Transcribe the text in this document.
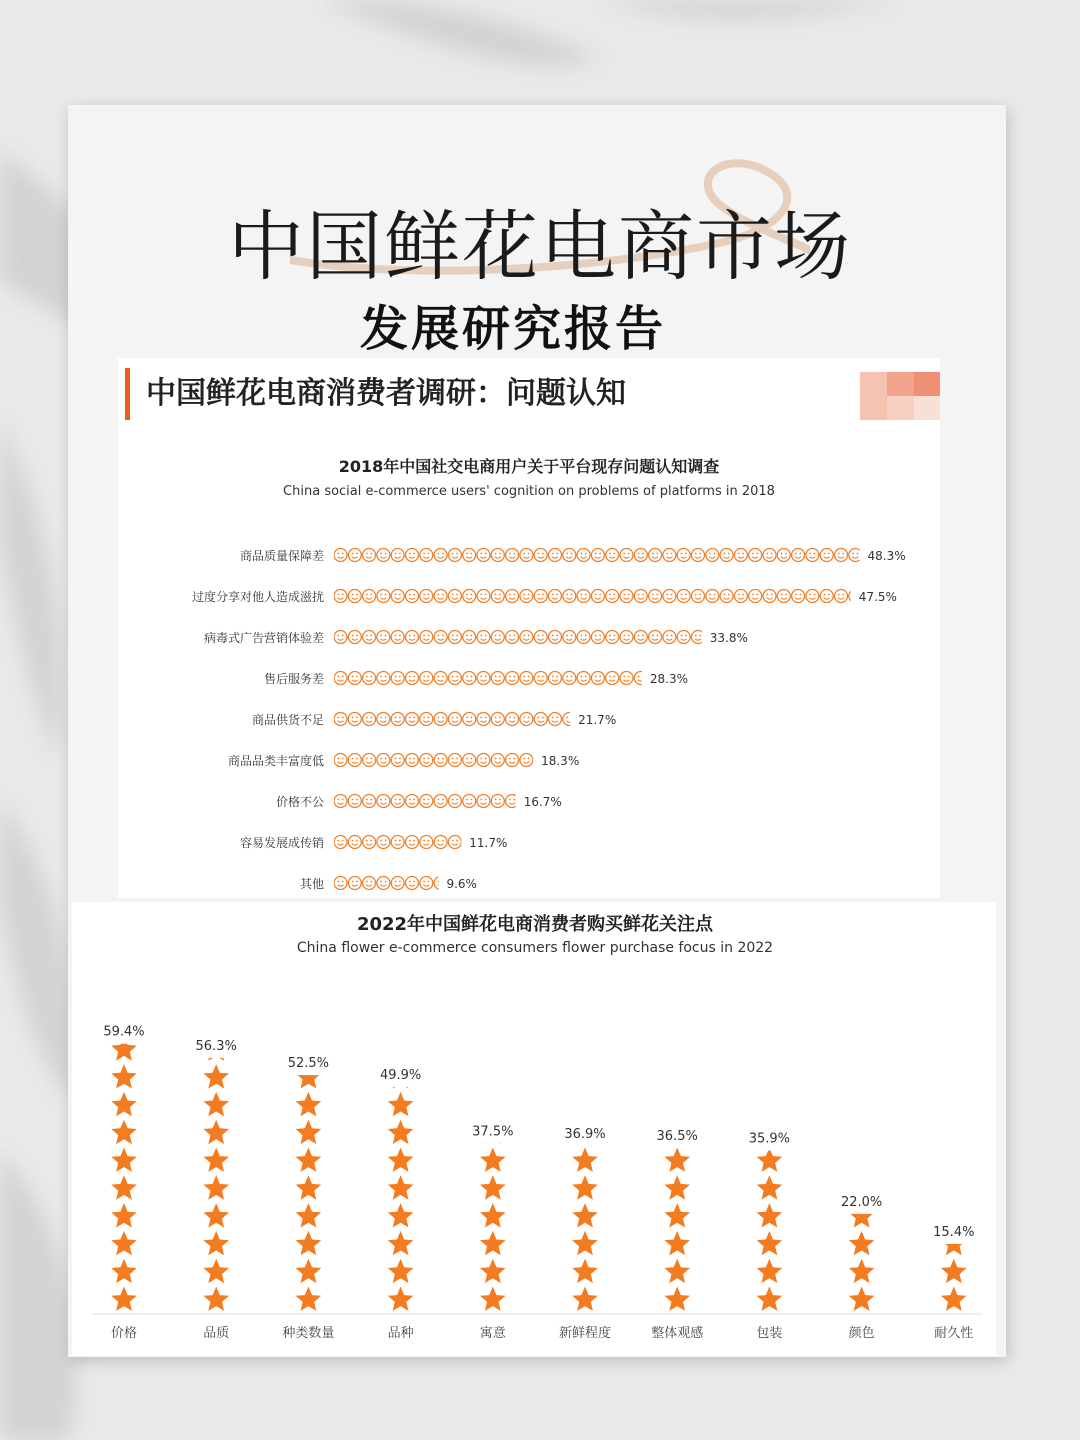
中国鲜花电商市场
发展研究报告
中国鲜花电商消费者调研：问题认知
2018年中国社交电商用户关于平台现存问题认知调查
China social e-commerce users' cognition on problems of platforms in 2018
商品质量保障差	48.3%
过度分享对他人造成滋扰	47.5%
病毒式广告营销体验差	33.8%
售后服务差	28.3%
商品供货不足	21.7%
商品品类丰富度低	18.3%
价格不公	16.7%
容易发展成传销	11.7%
其他	9.6%
2022年中国鲜花电商消费者购买鲜花关注点
China flower e-commerce consumers flower purchase focus in 2022
59.4%
价格
56.3%
品质
52.5%
种类数量
49.9%
品种
37.5%
寓意
36.9%
新鲜程度
36.5%
整体观感
35.9%
包装
22.0%
颜色
15.4%
耐久性
